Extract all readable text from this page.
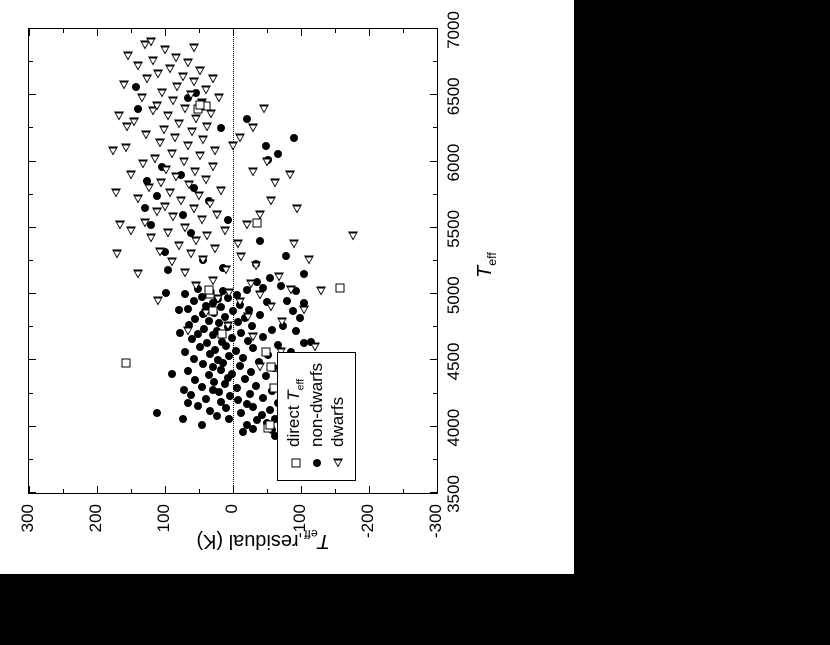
$T_{eff}$ residual (K)
$T_{eff}$
direct $T_{eff}$ non-dwarfs dwarfs
3500
4000
4500
5000
5500
6000
6500
7000
-300
-200
-100
0
100
200
300
